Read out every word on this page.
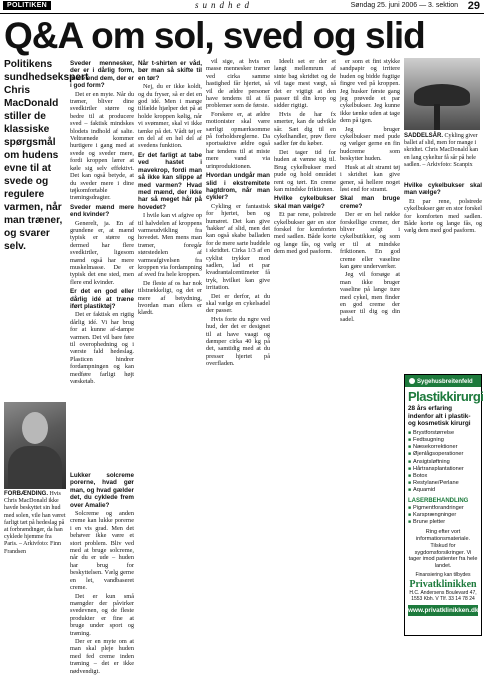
POLITIKEN	sundhed	Søndag 25. juni 2006 — 3. sektion 29
Q&A om sol, sved og slid
Politikens sundhedsekspert Chris MacDonald stiller de klassiske spørgsmål om hudens evne til at svede og regulere varmen, når man træner, og svarer selv.
FORBÆNDING. Hvis Chris MacDonald ikke havde beskyttet sin hud med solen, vile han været farligt tæt på hedeslag på at forbrændinger, da han cyklede hjemme fra Paris. – Arkivfoto: Finn Frandsen

Sveder mennesker, der er i dårlig form, mere end dem, der er i god form?

Det er en myte. Når du træner, bliver dine svedkirtler større og bedre til at producere sved – faktisk mindskes blodets indhold af salte. Veltrænede kommer hurtigere i gang med at svede og sveder mere, fordi kroppen lærer at køle sig selv effektivt. Det kan også betyde, at du sveder mere i dine tøjkomfortable træningsdragter.

Sveder mænd mere end kvinder?

Generelt, ja. En af grundene er, at mænd typisk er større og dermed har flere svedkirtler, ligesom mænd også har mere muskelmasse. De er typisk det ene sted, men flere end kvinder.

Er det en god eller dårlig idé at træne iført plastiktøj?

Det er faktisk en rigtig dårlig idé. Vi har brug for at kunne af-dampe varmen. Det vil bare føre til overophedning og i værste fald hedeslag. Plasticen hindrer fordampningen og kan medføre farligt højt væsketab.

Lukker solcreme porerne, hvad gør man, og hvad gælder det, du cyklede frem over Amalie?

Solcreme og anden creme kan lukke porerne i en vis grad. Men det behøver ikke være et stort problem. Bliv ved med at bruge solcreme, når du er ude – huden har brug for beskyttelsen. Vælg gerne en let, vandbaseret creme.

Det er kun små mængder der påvirker svedevnen, og de fleste produkter er fine at bruge under sport og træning.

Der er en myte om at man skal pleje huden med fed creme inden træning – det er ikke nødvendigt.

Når t-shirten er våd, bør man så skifte til en tør?

Nej, du er ikke koldt, og du fryser, så er det en god idé. Men i mange tilfælde hjælper det på at holde kroppen kølig, når vi svømmer, skal vi ikke tænke på det. Vådt tøj er en del af en hel del af svedens funktion.

Er det farligt at tabe ved hastet i mavekrop, fordi man så ikke kan slippe af med varmen? Hvad med mænd, der ikke har så meget hår på hovedet?

I hvile kan vi afgive op til halvdelen af kroppens varmeudvikling fra hovedet. Men mens man træner, foregår størstedelen af varmeafgivelsen fra kroppen via fordampning af sved fra hele kroppen.

De fleste af os har nok tilstrækkeligt, og det er mere af betydning, hvordan man ellers er klædt.

vil sige, at hvis en masse mennesker træner ved cirka samme hastighed får hjertet, så vil de ældre personer have tendens til at få problemer som de første.

Forskere er, at ældre motionister skal være særligt opmærksomme på forholdsreglerne. Da sportsaktive ældre også har tendens til at miste mere vand via urinproduktionen.

Hvordan undgår man slid i ekstremitete hagtdrom, når man cykler?

Cykling er fantastisk for hjertet, ben og humøret. Det kan give 'hakker' af slid, men det kan også skabe balladen for de mere sarte huddele i skridtet. Cirka 1/3 af en cyklist trykker mod sadlen, lad et par kvadrantalcentimeter få tryk, hvilket kan give irritation.

Det er derfor, at du skal vælge en cykelsadel der passer.

Hvis forte du ngre ved hud, der det er designet til at have vaagt og dæmper cirka 40 kg på det, samtidig med at du presser hjertet på overfladen.

Ideelt set er der et langt mellemrum af sinte bag skridtet og de vil tage mest vægt, så det er vigtigt at den passer til din krop og sidder rigtigt.

Hvis de har fx smerter, kan de udvikle sår. Sæt dig til en cykelhandler, prøv flere sadler før du køber.

Det tager tid for huden at vænne sig til. Brug cykelbukser med pude og hold området rent og tørt. En creme kan mindske friktionen.

Hvilke cykelbukser skal man vælge?

Et par rene, polstrede cykelbukser gør en stor forskel for komforten med sadlen. Både korte og lange fås, og vælg dem med god pasform.

er som et fint stykke sandpapir og irritere huden og bidde fugtige fingre ved på kroppen. Jeg husker første gang jeg prøvede et par cykelbukser. Jeg kunne ikke tænke uden at tage dem på igen.

Jeg bruger cykelbukser med pude og vælger gerne en fin hudcreme som beskytter huden.

Husk at alt stramt tøj i skridtet kan give gener, så hellere noget løst end for stramt.

Skal man bruge creme?

Der er en hel række forskellige cremer, der bliver solgt i cykelbutikker, og som er til at mindske friktionen. En god creme eller vaseline kan gøre underværker.

Jeg vil forsøge at man ikke bruger vaseline på lange ture med cykel, men finder en god creme der passer til dig og din sadel.

SADDELSÅR. Cykling giver ballet af slid, men for mange i skridtet. Chris MacDonald kan en lang cykeltur få sår på hele sadlen. – Arkivfoto: Scanpix

Hvilke cykelbukser skal man vælge?

Et par rene, polstrede cykelbukser gør en stor forskel for komforten med sadlen. Både korte og lange fås, og vælg dem med god pasform.

Sygehusbreitenfeld
Plastikkirurgi
28 års erfaring indenfor alt i plastik- og kosmetisk kirurgi
■ Brystforstørrelse
■ Fedtsugning
■ Næsekorrektioner
■ Øjenlågsoperationer
■ Ansigtsløftning
■ Hårtransplantationer
■ Botox
■ Restylane/Perlane
■ Aquamid
LASERBEHANDLING
■ Pigmentforandringer
■ Karsprængninger
■ Brune pletter
Ring efter vort informationsmateriale. Tilskud for sygdomsforsikringer. Vi tager imod patienter fra hele landet.
Finansiering kan tilbydes
Privatklinikken
H.C. Andersens Boulevard 47, 1553 Kbh. V Tlf. 33 14 78 24
www.privatklinikken.dk
